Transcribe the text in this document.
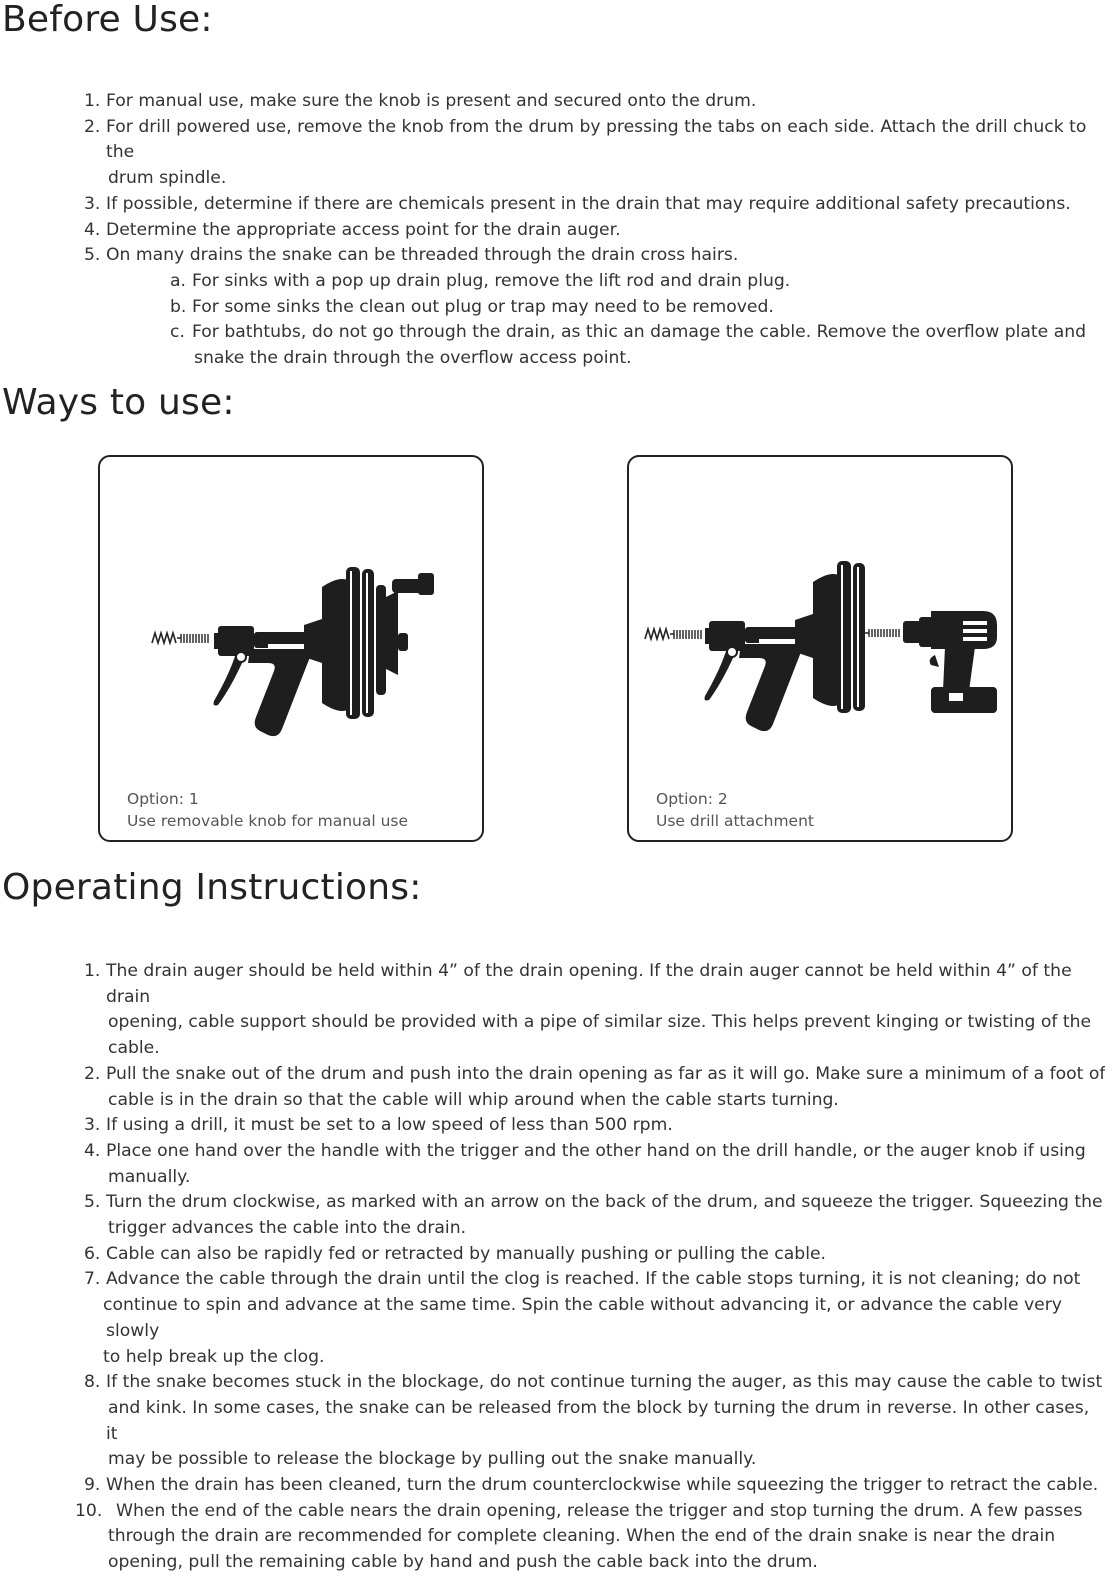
Before Use:
1. For manual use, make sure the knob is present and secured onto the drum.
2. For drill powered use, remove the knob from the drum by pressing the tabs on each side. Attach the drill chuck to the
drum spindle.
3. If possible, determine if there are chemicals present in the drain that may require additional safety precautions.
4. Determine the appropriate access point for the drain auger.
5. On many drains the snake can be threaded through the drain cross hairs.
a. For sinks with a pop up drain plug, remove the lift rod and drain plug.
b. For some sinks the clean out plug or trap may need to be removed.
c. For bathtubs, do not go through the drain, as thic an damage the cable. Remove the overflow plate and
snake the drain through the overflow access point.
Ways to use:
Option: 1
Use removable knob for manual use
Option: 2
Use drill attachment
Operating Instructions:
1. The drain auger should be held within 4” of the drain opening. If the drain auger cannot be held within 4” of the drain
opening, cable support should be provided with a pipe of similar size. This helps prevent kinging or twisting of the
cable.
2. Pull the snake out of the drum and push into the drain opening as far as it will go. Make sure a minimum of a foot of
cable is in the drain so that the cable will whip around when the cable starts turning.
3. If using a drill, it must be set to a low speed of less than 500 rpm.
4. Place one hand over the handle with the trigger and the other hand on the drill handle, or the auger knob if using
manually.
5. Turn the drum clockwise, as marked with an arrow on the back of the drum, and squeeze the trigger. Squeezing the
trigger advances the cable into the drain.
6. Cable can also be rapidly fed or retracted by manually pushing or pulling the cable.
7. Advance the cable through the drain until the clog is reached. If the cable stops turning, it is not cleaning; do not
continue to spin and advance at the same time. Spin the cable without advancing it, or advance the cable very slowly
to help break up the clog.
8. If the snake becomes stuck in the blockage, do not continue turning the auger, as this may cause the cable to twist
and kink. In some cases, the snake can be released from the block by turning the drum in reverse. In other cases, it
may be possible to release the blockage by pulling out the snake manually.
9. When the drain has been cleaned, turn the drum counterclockwise while squeezing the trigger to retract the cable.
10. When the end of the cable nears the drain opening, release the trigger and stop turning the drum. A few passes
through the drain are recommended for complete cleaning. When the end of the drain snake is near the drain
opening, pull the remaining cable by hand and push the cable back into the drum.
